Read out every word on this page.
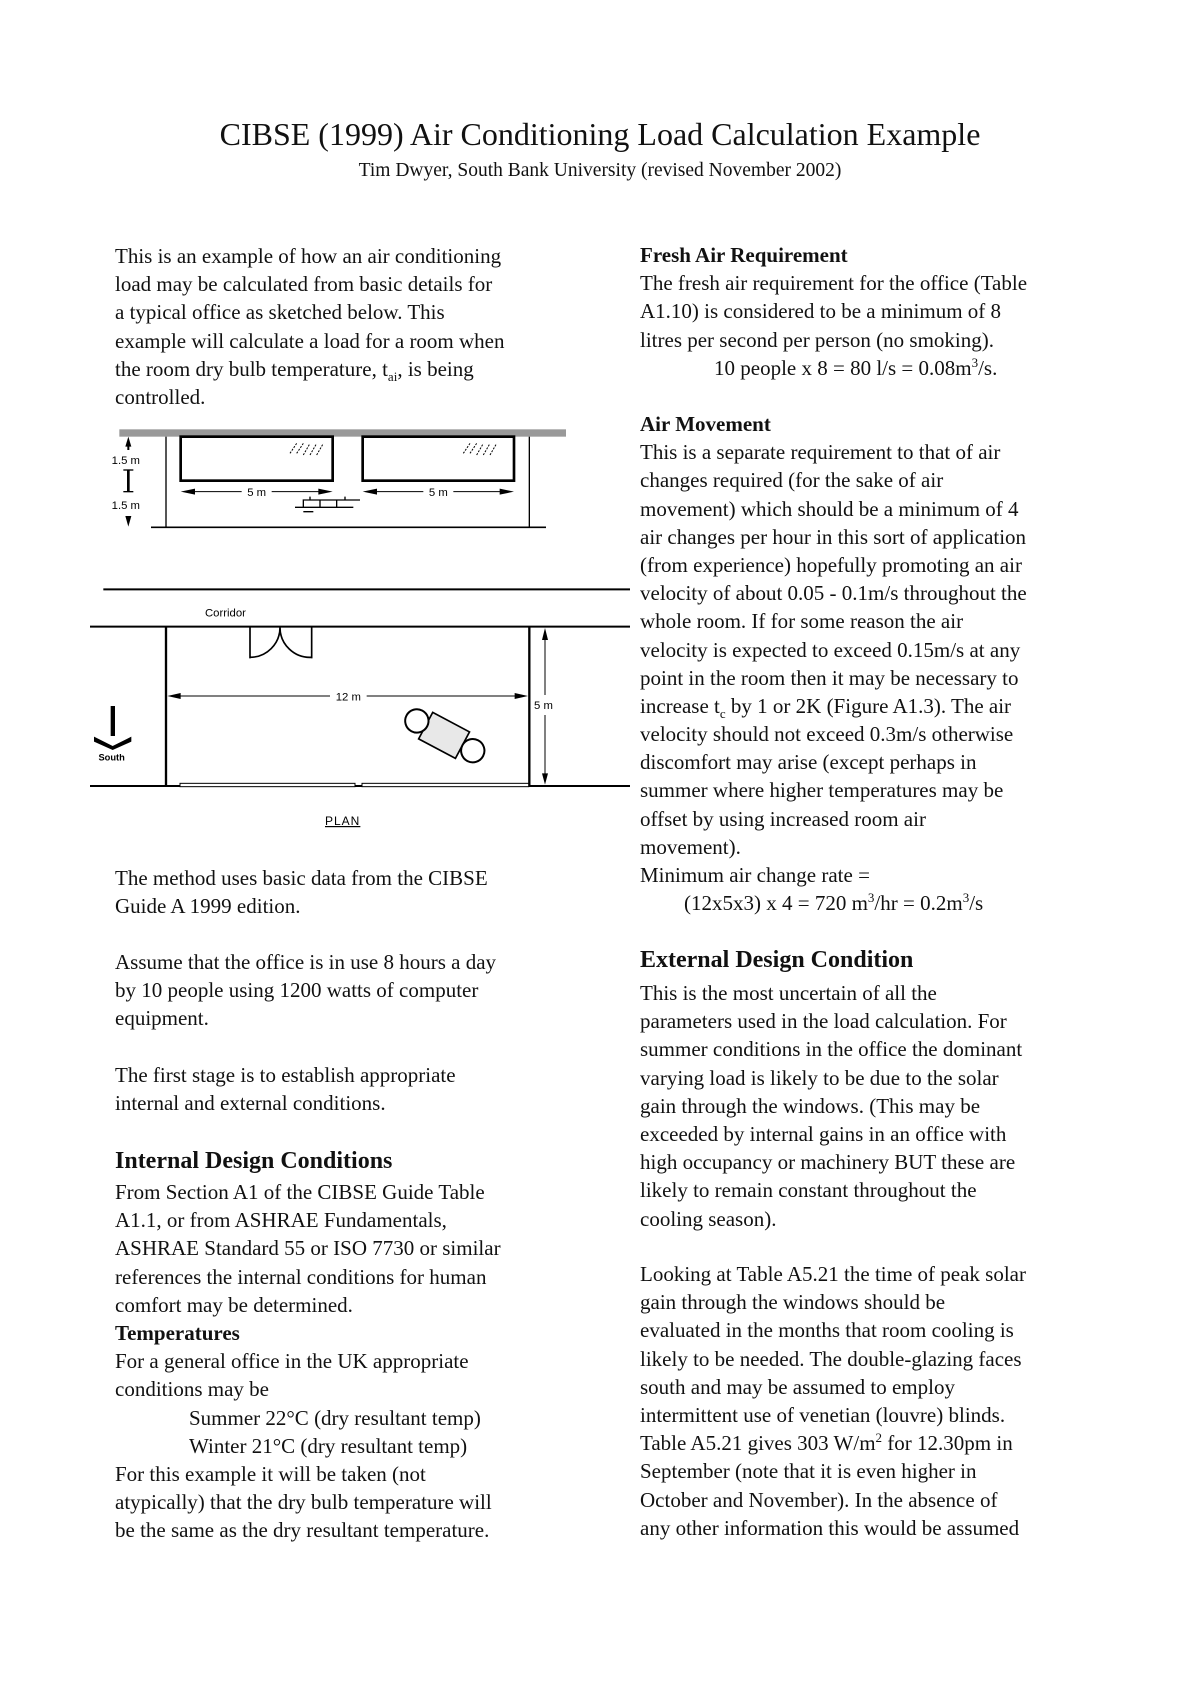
CIBSE (1999) Air Conditioning Load Calculation Example
Tim Dwyer, South Bank University (revised November 2002)
This is an example of how an air conditioning
load may be calculated from basic details for
a typical office as sketched below. This
example will calculate a load for a room when
the room dry bulb temperature, $t_{ai}$, is being
controlled.
1.5 m
1.5 m
5 m	5 m
Corridor
12 m
5 m
South
PLAN
The method uses basic data from the CIBSE
Guide A 1999 edition.
Assume that the office is in use 8 hours a day
by 10 people using 1200 watts of computer
equipment.
The first stage is to establish appropriate
internal and external conditions.
Internal Design Conditions
From Section A1 of the CIBSE Guide Table
A1.1, or from ASHRAE Fundamentals,
ASHRAE Standard 55 or ISO 7730 or similar
references the internal conditions for human
comfort may be determined.
Temperatures
For a general office in the UK appropriate
conditions may be
Summer 22°C (dry resultant temp)
Winter 21°C (dry resultant temp)
For this example it will be taken (not
atypically) that the dry bulb temperature will
be the same as the dry resultant temperature.
Fresh Air Requirement
The fresh air requirement for the office (Table
A1.10) is considered to be a minimum of 8
litres per second per person (no smoking).
10 people x 8 = 80 $l/s = 0.08m^3/s$.
Air Movement
This is a separate requirement to that of air
changes required (for the sake of air
movement) which should be a minimum of 4
air changes per hour in this sort of application
(from experience) hopefully promoting an air
velocity of about 0.05 - 0.1m/s throughout the
whole room. If for some reason the air
velocity is expected to exceed 0.15m/s at any
point in the room then it may be necessary to
increase $t_c$ by 1 or 2K (Figure A1.3). The air
velocity should not exceed 0.3m/s otherwise
discomfort may arise (except perhaps in
summer where higher temperatures may be
offset by using increased room air
movement).
Minimum air change rate =
(12x5x3) x 4 = 720 $m^3/hr = 0.2m^3/s$
External Design Condition
This is the most uncertain of all the
parameters used in the load calculation. For
summer conditions in the office the dominant
varying load is likely to be due to the solar
gain through the windows. (This may be
exceeded by internal gains in an office with
high occupancy or machinery BUT these are
likely to remain constant throughout the
cooling season).
Looking at Table A5.21 the time of peak solar
gain through the windows should be
evaluated in the months that room cooling is
likely to be needed. The double-glazing faces
south and may be assumed to employ
intermittent use of venetian (louvre) blinds.
Table A5.21 gives 303 $W/m^2$ for 12.30pm in
September (note that it is even higher in
October and November). In the absence of
any other information this would be assumed
